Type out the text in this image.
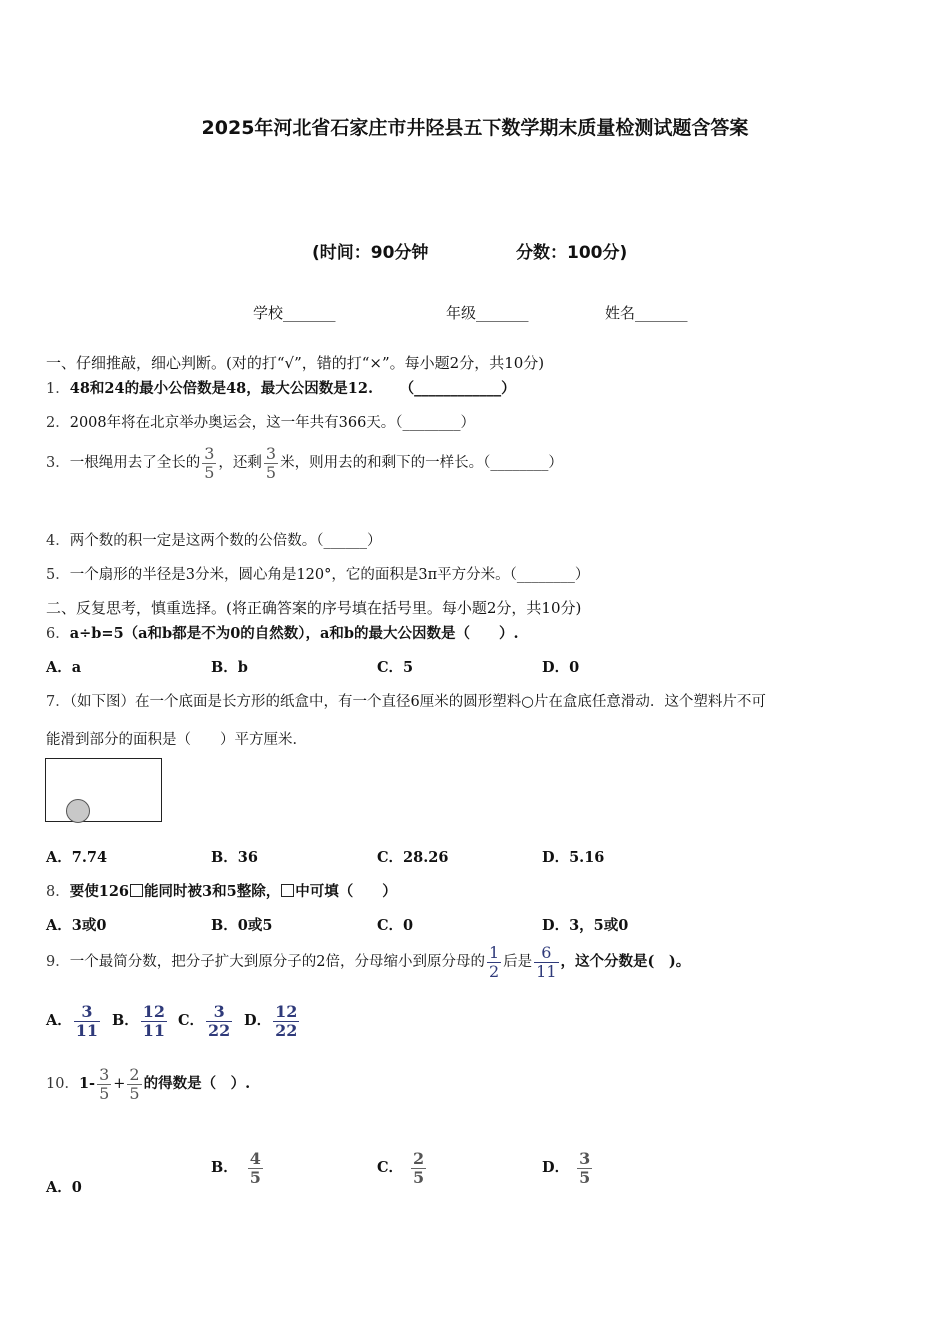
2025年河北省石家庄市井陉县五下数学期末质量检测试题含答案
(时间：90分钟	分数：100分)
学校_______	年级_______	姓名_______
一、仔细推敲，细心判断。(对的打“√”，错的打“×”。每小题2分，共10分)
1．48和24的最小公倍数是48，最大公因数是12. （____________）
2．2008年将在北京举办奥运会，这一年共有366天。（________）
3．一根绳用去了全长的 $\frac{3}{5}$ ，还剩 $\frac{3}{5}$ 米，则用去的和剩下的一样长。（________）
4．两个数的积一定是这两个数的公倍数。（______）
5．一个扇形的半径是3分米，圆心角是120°，它的面积是3π平方分米。（________）
二、反复思考，慎重选择。(将正确答案的序号填在括号里。每小题2分，共10分)
6．a÷b=5（a和b都是不为0的自然数），a和b的最大公因数是（　　）.
A．a	B．b	C．5	D．0
7．（如下图）在一个底面是长方形的纸盒中，有一个直径6厘米的圆形塑料○片在盒底任意滑动．这个塑料片不可
能滑到部分的面积是（　　）平方厘米．
A．7.74	B．36	C．28.26	D．5.16
8．要使126 能同时被3和5整除， 中可填（　　）
A．3或0	B．0或5	C．0	D．3，5或0
9．一个最简分数，把分子扩大到原分子的2倍，分母缩小到原分母的 $\frac{1}{2}$ 后是 $\frac{6}{11}$ ，这个分数是(　)。
A． $\frac{3}{11}$ B． $\frac{12}{11}$ C． $\frac{3}{22}$ D． $\frac{12}{22}$
10．$1- \frac{3}{5} + \frac{2}{5}$ 的得数是（　）.
A．0
B． $\frac{4}{5}$	C． $\frac{2}{5}$	D． $\frac{3}{5}$
